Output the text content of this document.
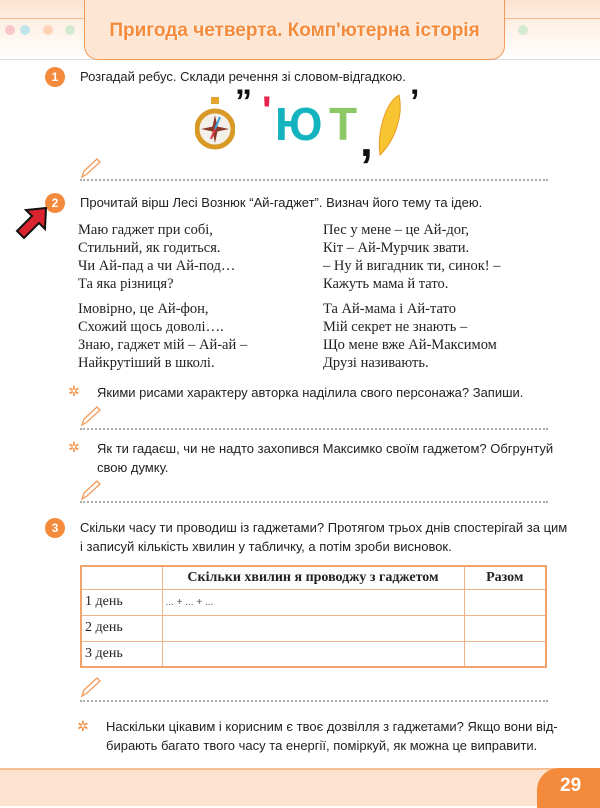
Пригода четверта. Комп'ютерна історія
1	Розгадай ребус. Склади речення зі словом-відгадкою.
” ' Ю Т ,
’
2	Прочитай вірш Лесі Вознюк “Ай-гаджет”. Визнач його тему та ідею.
Маю гаджет при собі,
Стильний, як годиться.
Чи Ай-пад а чи Ай-под…
Та яка різниця?
Імовірно, це Ай-фон,
Схожий щось доволі….
Знаю, гаджет мій – Ай-ай –
Найкрутіший в школі.
Пес у мене – це Ай-дог,
Кіт – Ай-Мурчик звати.
– Ну й вигадник ти, синок! –
Кажуть мама й тато.
Та Ай-мама і Ай-тато
Мій секрет не знають –
Що мене вже Ай-Максимом
Друзі називають.
✲ Якими рисами характеру авторка наділила свого персонажа? Запиши.
✲ Як ти гадаєш, чи не надто захопився Максимко своїм гаджетом? Обгрунтуй
свою думку.
3	Скільки часу ти проводиш із гаджетами? Протягом трьох днів спостерігай за цим
і записуй кількість хвилин у табличку, а потім зроби висновок.
	Скільки хвилин я проводжу з гаджетом	Разом
1 день	... + ... + ...	
2 день		
3 день		
✲ Наскільки цікавим і корисним є твоє дозвілля з гаджетами? Якщо вони від-
бирають багато твого часу та енергії, поміркуй, як можна це виправити.
29
